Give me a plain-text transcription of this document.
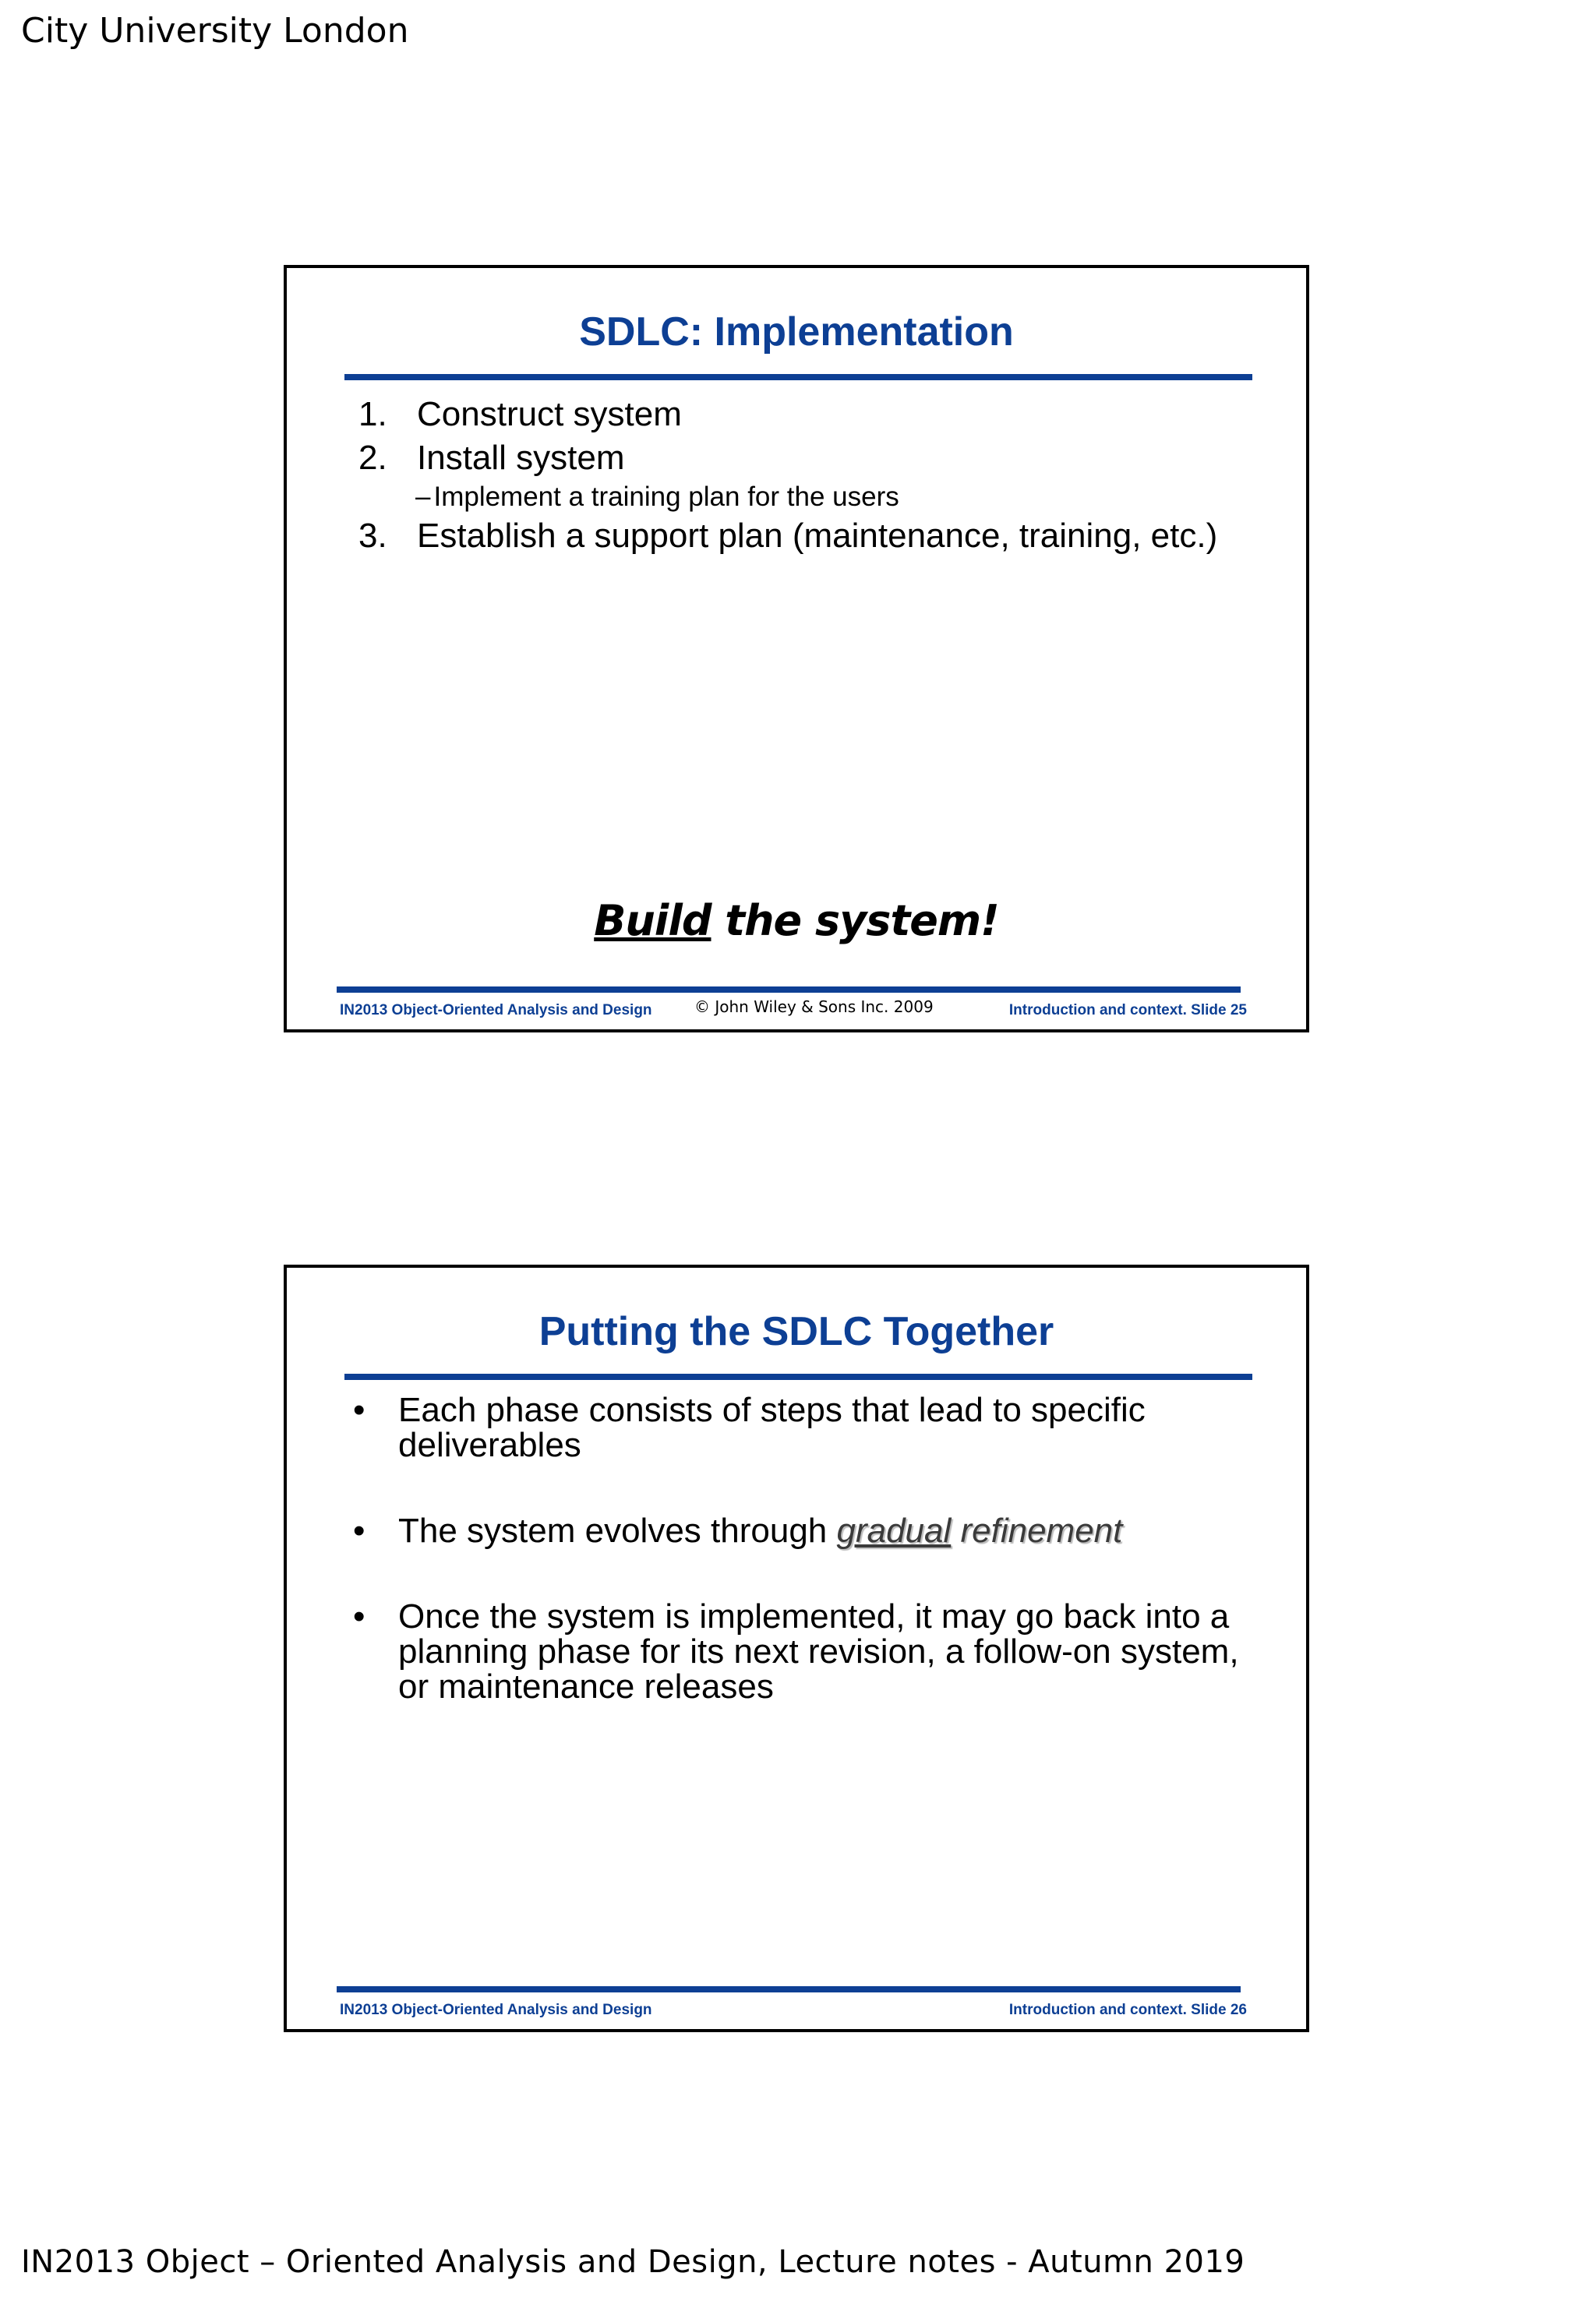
City University London
SDLC: Implementation
1. Construct system
2. Install system
– Implement a training plan for the users
3. Establish a support plan (maintenance, training, etc.)
Build the system!
IN2013 Object-Oriented Analysis and Design	© John Wiley & Sons Inc. 2009	Introduction and context. Slide 25
Putting the SDLC Together
• Each phase consists of steps that lead to specific deliverables
• The system evolves through gradual refinement
• Once the system is implemented, it may go back into a planning phase for its next revision, a follow-on system, or maintenance releases
IN2013 Object-Oriented Analysis and Design	Introduction and context. Slide 26
IN2013 Object – Oriented Analysis and Design, Lecture notes - Autumn 2019
